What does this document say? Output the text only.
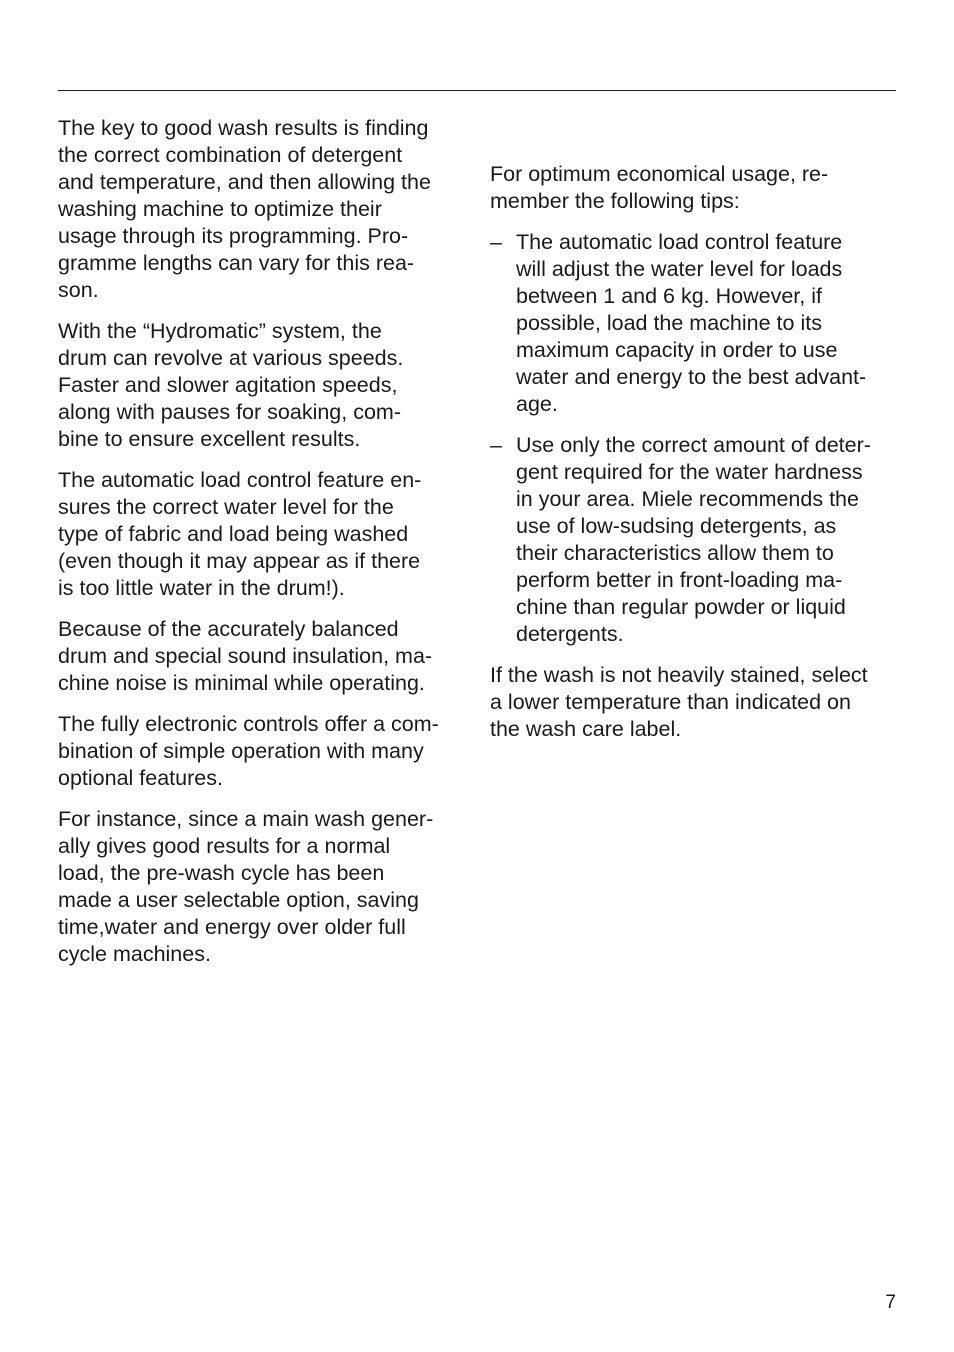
The key to good wash results is finding
the correct combination of detergent
and temperature, and then allowing the
washing machine to optimize their
usage through its programming. Pro-
gramme lengths can vary for this rea-
son.

With the “Hydromatic” system, the
drum can revolve at various speeds.
Faster and slower agitation speeds,
along with pauses for soaking, com-
bine to ensure excellent results.

The automatic load control feature en-
sures the correct water level for the
type of fabric and load being washed
(even though it may appear as if there
is too little water in the drum!).

Because of the accurately balanced
drum and special sound insulation, ma-
chine noise is minimal while operating.

The fully electronic controls offer a com-
bination of simple operation with many
optional features.

For instance, since a main wash gener-
ally gives good results for a normal
load, the pre-wash cycle has been
made a user selectable option, saving
time,water and energy over older full
cycle machines.

For optimum economical usage, re-
member the following tips:

– The automatic load control feature
will adjust the water level for loads
between 1 and 6 kg. However, if
possible, load the machine to its
maximum capacity in order to use
water and energy to the best advant-
age.
– Use only the correct amount of deter-
gent required for the water hardness
in your area. Miele recommends the
use of low-sudsing detergents, as
their characteristics allow them to
perform better in front-loading ma-
chine than regular powder or liquid
detergents.

If the wash is not heavily stained, select
a lower temperature than indicated on
the wash care label.

7
